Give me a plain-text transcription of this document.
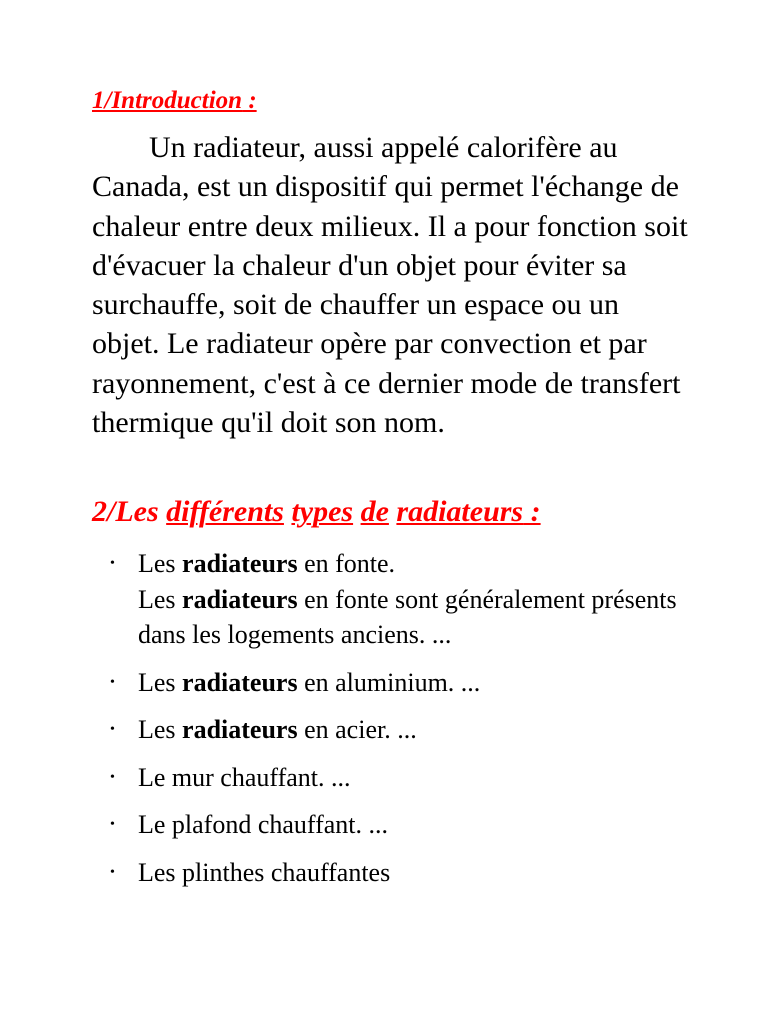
1/Introduction :

Un radiateur, aussi appelé calorifère au Canada, est un dispositif qui permet l'échange de chaleur entre deux milieux. Il a pour fonction soit d'évacuer la chaleur d'un objet pour éviter sa surchauffe, soit de chauffer un espace ou un objet. Le radiateur opère par convection et par rayonnement, c'est à ce dernier mode de transfert thermique qu'il doit son nom.

2/Les différents types de radiateurs :
• Les radiateurs en fonte.
Les radiateurs en fonte sont généralement présents dans les logements anciens. ...
• Les radiateurs en aluminium. ...
• Les radiateurs en acier. ...
• Le mur chauffant. ...
• Le plafond chauffant. ...
• Les plinthes chauffantes
